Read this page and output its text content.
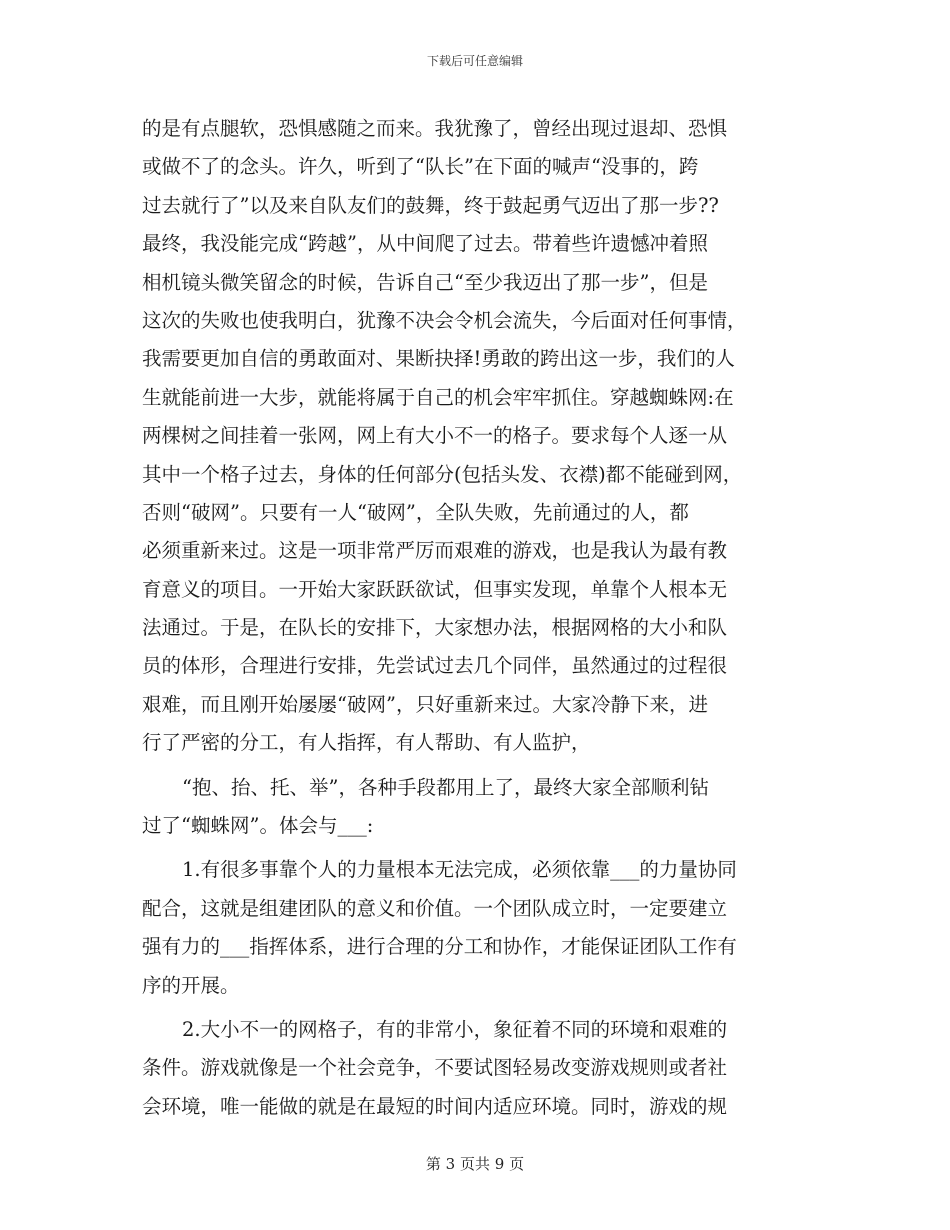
下载后可任意编辑
的是有点腿软，恐惧感随之而来。我犹豫了，曾经出现过退却、恐惧
或做不了的念头。许久，听到了“队长”在下面的喊声“没事的，跨
过去就行了”以及来自队友们的鼓舞，终于鼓起勇气迈出了那一步??
最终，我没能完成“跨越”，从中间爬了过去。带着些许遗憾冲着照
相机镜头微笑留念的时候，告诉自己“至少我迈出了那一步”，但是
这次的失败也使我明白，犹豫不决会令机会流失，今后面对任何事情，
我需要更加自信的勇敢面对、果断抉择!勇敢的跨出这一步，我们的人
生就能前进一大步，就能将属于自己的机会牢牢抓住。穿越蜘蛛网:在
两棵树之间挂着一张网，网上有大小不一的格子。要求每个人逐一从
其中一个格子过去，身体的任何部分(包括头发、衣襟)都不能碰到网，
否则“破网”。只要有一人“破网”，全队失败，先前通过的人，都
必须重新来过。这是一项非常严厉而艰难的游戏，也是我认为最有教
育意义的项目。一开始大家跃跃欲试，但事实发现，单靠个人根本无
法通过。于是，在队长的安排下，大家想办法，根据网格的大小和队
员的体形，合理进行安排，先尝试过去几个同伴，虽然通过的过程很
艰难，而且刚开始屡屡“破网”，只好重新来过。大家冷静下来，进
行了严密的分工，有人指挥，有人帮助、有人监护，
“抱、抬、托、举”，各种手段都用上了，最终大家全部顺利钻
过了“蜘蛛网”。体会与___:
1.有很多事靠个人的力量根本无法完成，必须依靠___的力量协同
配合，这就是组建团队的意义和价值。一个团队成立时，一定要建立
强有力的___指挥体系，进行合理的分工和协作，才能保证团队工作有
序的开展。
2.大小不一的网格子，有的非常小，象征着不同的环境和艰难的
条件。游戏就像是一个社会竞争，不要试图轻易改变游戏规则或者社
会环境，唯一能做的就是在最短的时间内适应环境。同时，游戏的规
第 3 页共 9 页
